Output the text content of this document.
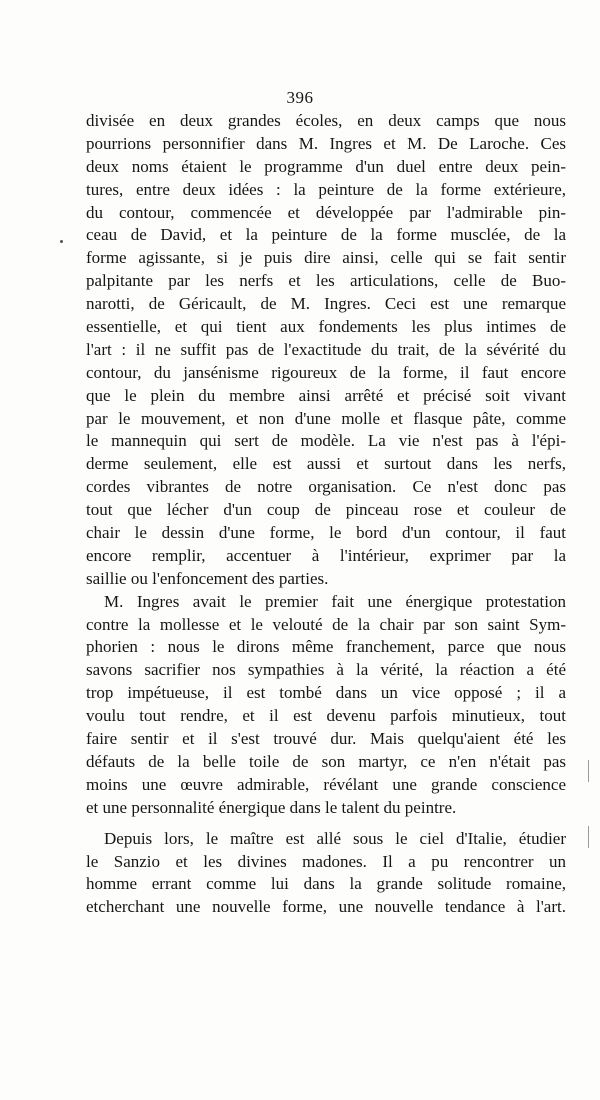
396
divisée en deux grandes écoles, en deux camps que nous
pourrions personnifier dans M. Ingres et M. De Laroche. Ces
deux noms étaient le programme d'un duel entre deux pein-
tures, entre deux idées : la peinture de la forme extérieure,
du contour, commencée et développée par l'admirable pin-
ceau de David, et la peinture de la forme musclée, de la
forme agissante, si je puis dire ainsi, celle qui se fait sentir
palpitante par les nerfs et les articulations, celle de Buo-
narotti, de Géricault, de M. Ingres. Ceci est une remarque
essentielle, et qui tient aux fondements les plus intimes de
l'art : il ne suffit pas de l'exactitude du trait, de la sévérité du
contour, du jansénisme rigoureux de la forme, il faut encore
que le plein du membre ainsi arrêté et précisé soit vivant
par le mouvement, et non d'une molle et flasque pâte, comme
le mannequin qui sert de modèle. La vie n'est pas à l'épi-
derme seulement, elle est aussi et surtout dans les nerfs,
cordes vibrantes de notre organisation. Ce n'est donc pas
tout que lécher d'un coup de pinceau rose et couleur de
chair le dessin d'une forme, le bord d'un contour, il faut
encore remplir, accentuer à l'intérieur, exprimer par la
saillie ou l'enfoncement des parties.
M. Ingres avait le premier fait une énergique protestation
contre la mollesse et le velouté de la chair par son saint Sym-
phorien : nous le dirons même franchement, parce que nous
savons sacrifier nos sympathies à la vérité, la réaction a été
trop impétueuse, il est tombé dans un vice opposé ; il a
voulu tout rendre, et il est devenu parfois minutieux, tout
faire sentir et il s'est trouvé dur. Mais quelqu'aient été les
défauts de la belle toile de son martyr, ce n'en n'était pas
moins une œuvre admirable, révélant une grande conscience
et une personnalité énergique dans le talent du peintre.
Depuis lors, le maître est allé sous le ciel d'Italie, étudier
le Sanzio et les divines madones. Il a pu rencontrer un
homme errant comme lui dans la grande solitude romaine,
etcherchant une nouvelle forme, une nouvelle tendance à l'art.
